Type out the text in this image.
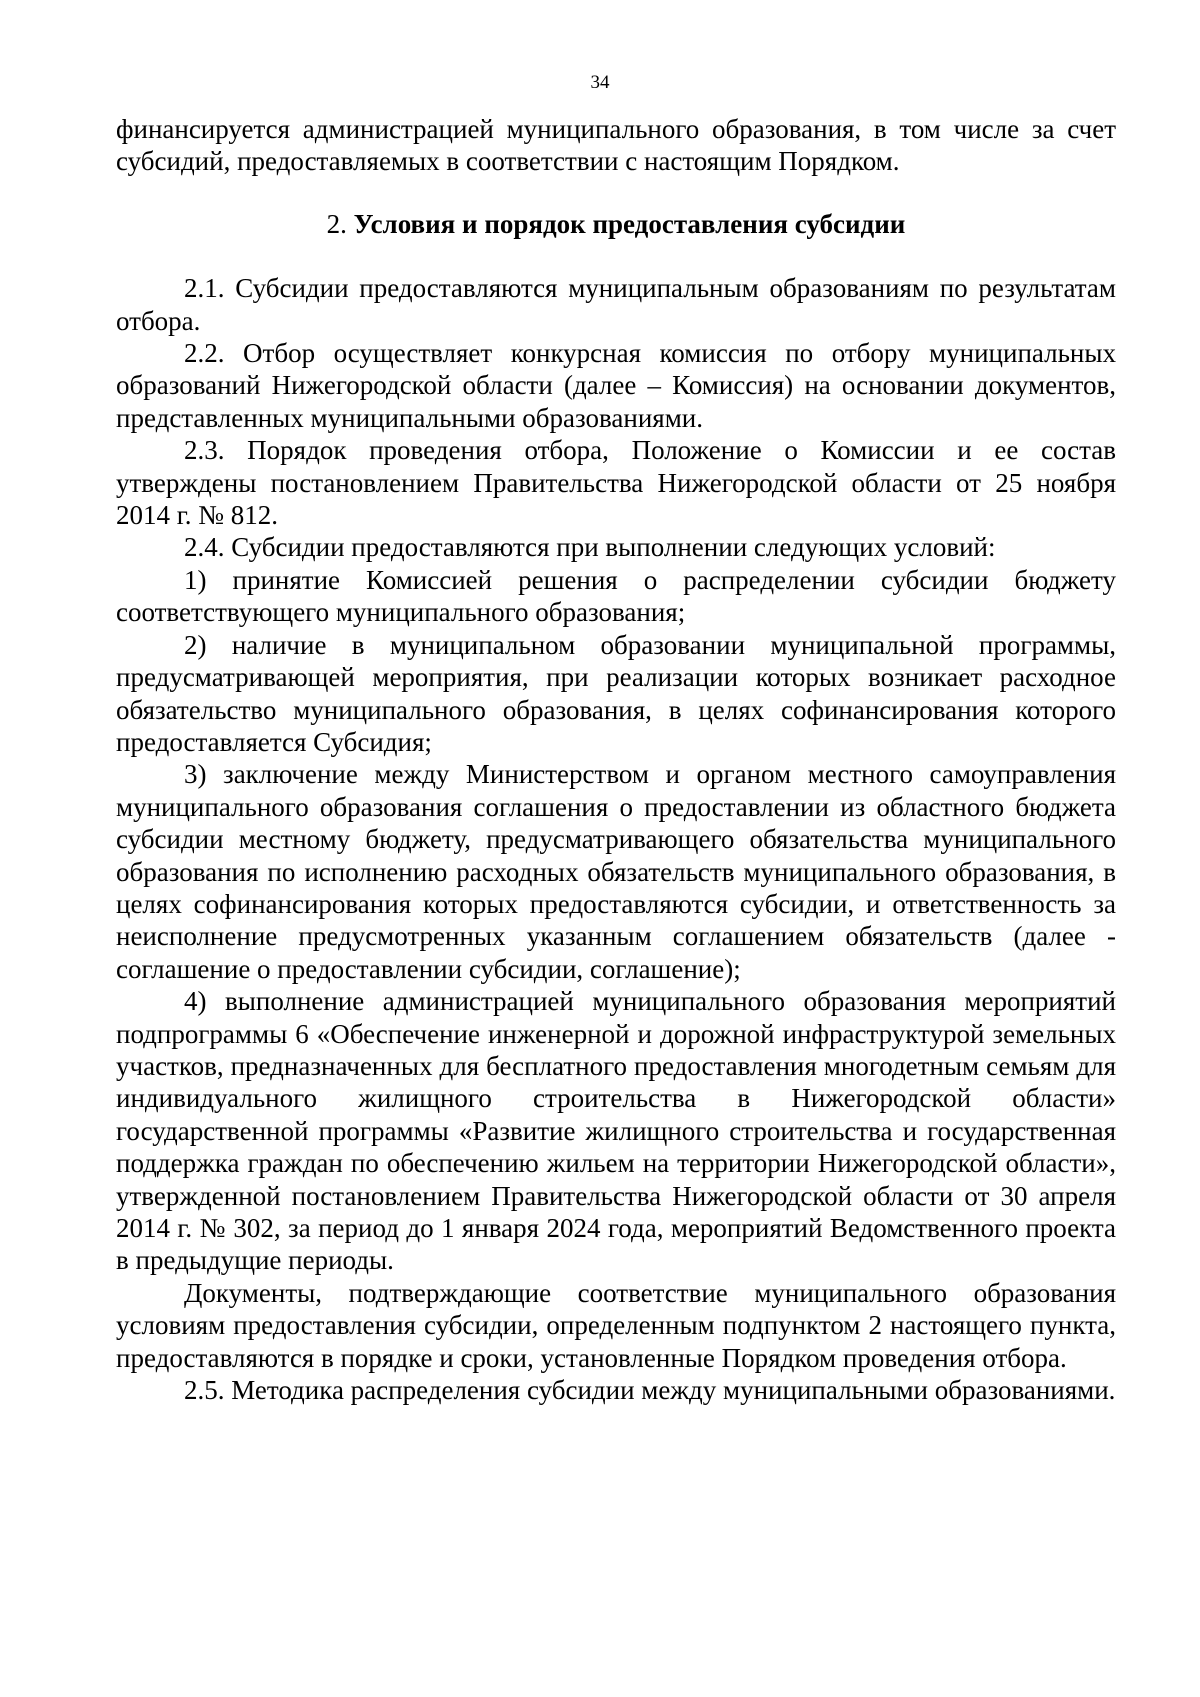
34

финансируется администрацией муниципального образования, в том числе за счет субсидий, предоставляемых в соответствии с настоящим Порядком.

2. Условия и порядок предоставления субсидии

2.1. Субсидии предоставляются муниципальным образованиям по результатам отбора.

2.2. Отбор осуществляет конкурсная комиссия по отбору муниципальных образований Нижегородской области (далее – Комиссия) на основании документов, представленных муниципальными образованиями.

2.3. Порядок проведения отбора, Положение о Комиссии и ее состав утверждены постановлением Правительства Нижегородской области от 25 ноября 2014 г. № 812.

2.4. Субсидии предоставляются при выполнении следующих условий:

1) принятие Комиссией решения о распределении субсидии бюджету соответствующего муниципального образования;

2) наличие в муниципальном образовании муниципальной программы, предусматривающей мероприятия, при реализации которых возникает расходное обязательство муниципального образования, в целях софинансирования которого предоставляется Субсидия;

3) заключение между Министерством и органом местного самоуправления муниципального образования соглашения о предоставлении из областного бюджета субсидии местному бюджету, предусматривающего обязательства муниципального образования по исполнению расходных обязательств муниципального образования, в целях софинансирования которых предоставляются субсидии, и ответственность за неисполнение предусмотренных указанным соглашением обязательств (далее - соглашение о предоставлении субсидии, соглашение);

4) выполнение администрацией муниципального образования мероприятий подпрограммы 6 «Обеспечение инженерной и дорожной инфраструктурой земельных участков, предназначенных для бесплатного предоставления многодетным семьям для индивидуального жилищного строительства в Нижегородской области» государственной программы «Развитие жилищного строительства и государственная поддержка граждан по обеспечению жильем на территории Нижегородской области», утвержденной постановлением Правительства Нижегородской области от 30 апреля 2014 г. № 302, за период до 1 января 2024 года, мероприятий Ведомственного проекта в предыдущие периоды.

Документы, подтверждающие соответствие муниципального образования условиям предоставления субсидии, определенным подпунктом 2 настоящего пункта, предоставляются в порядке и сроки, установленные Порядком проведения отбора.

2.5. Методика распределения субсидии между муниципальными образованиями.
